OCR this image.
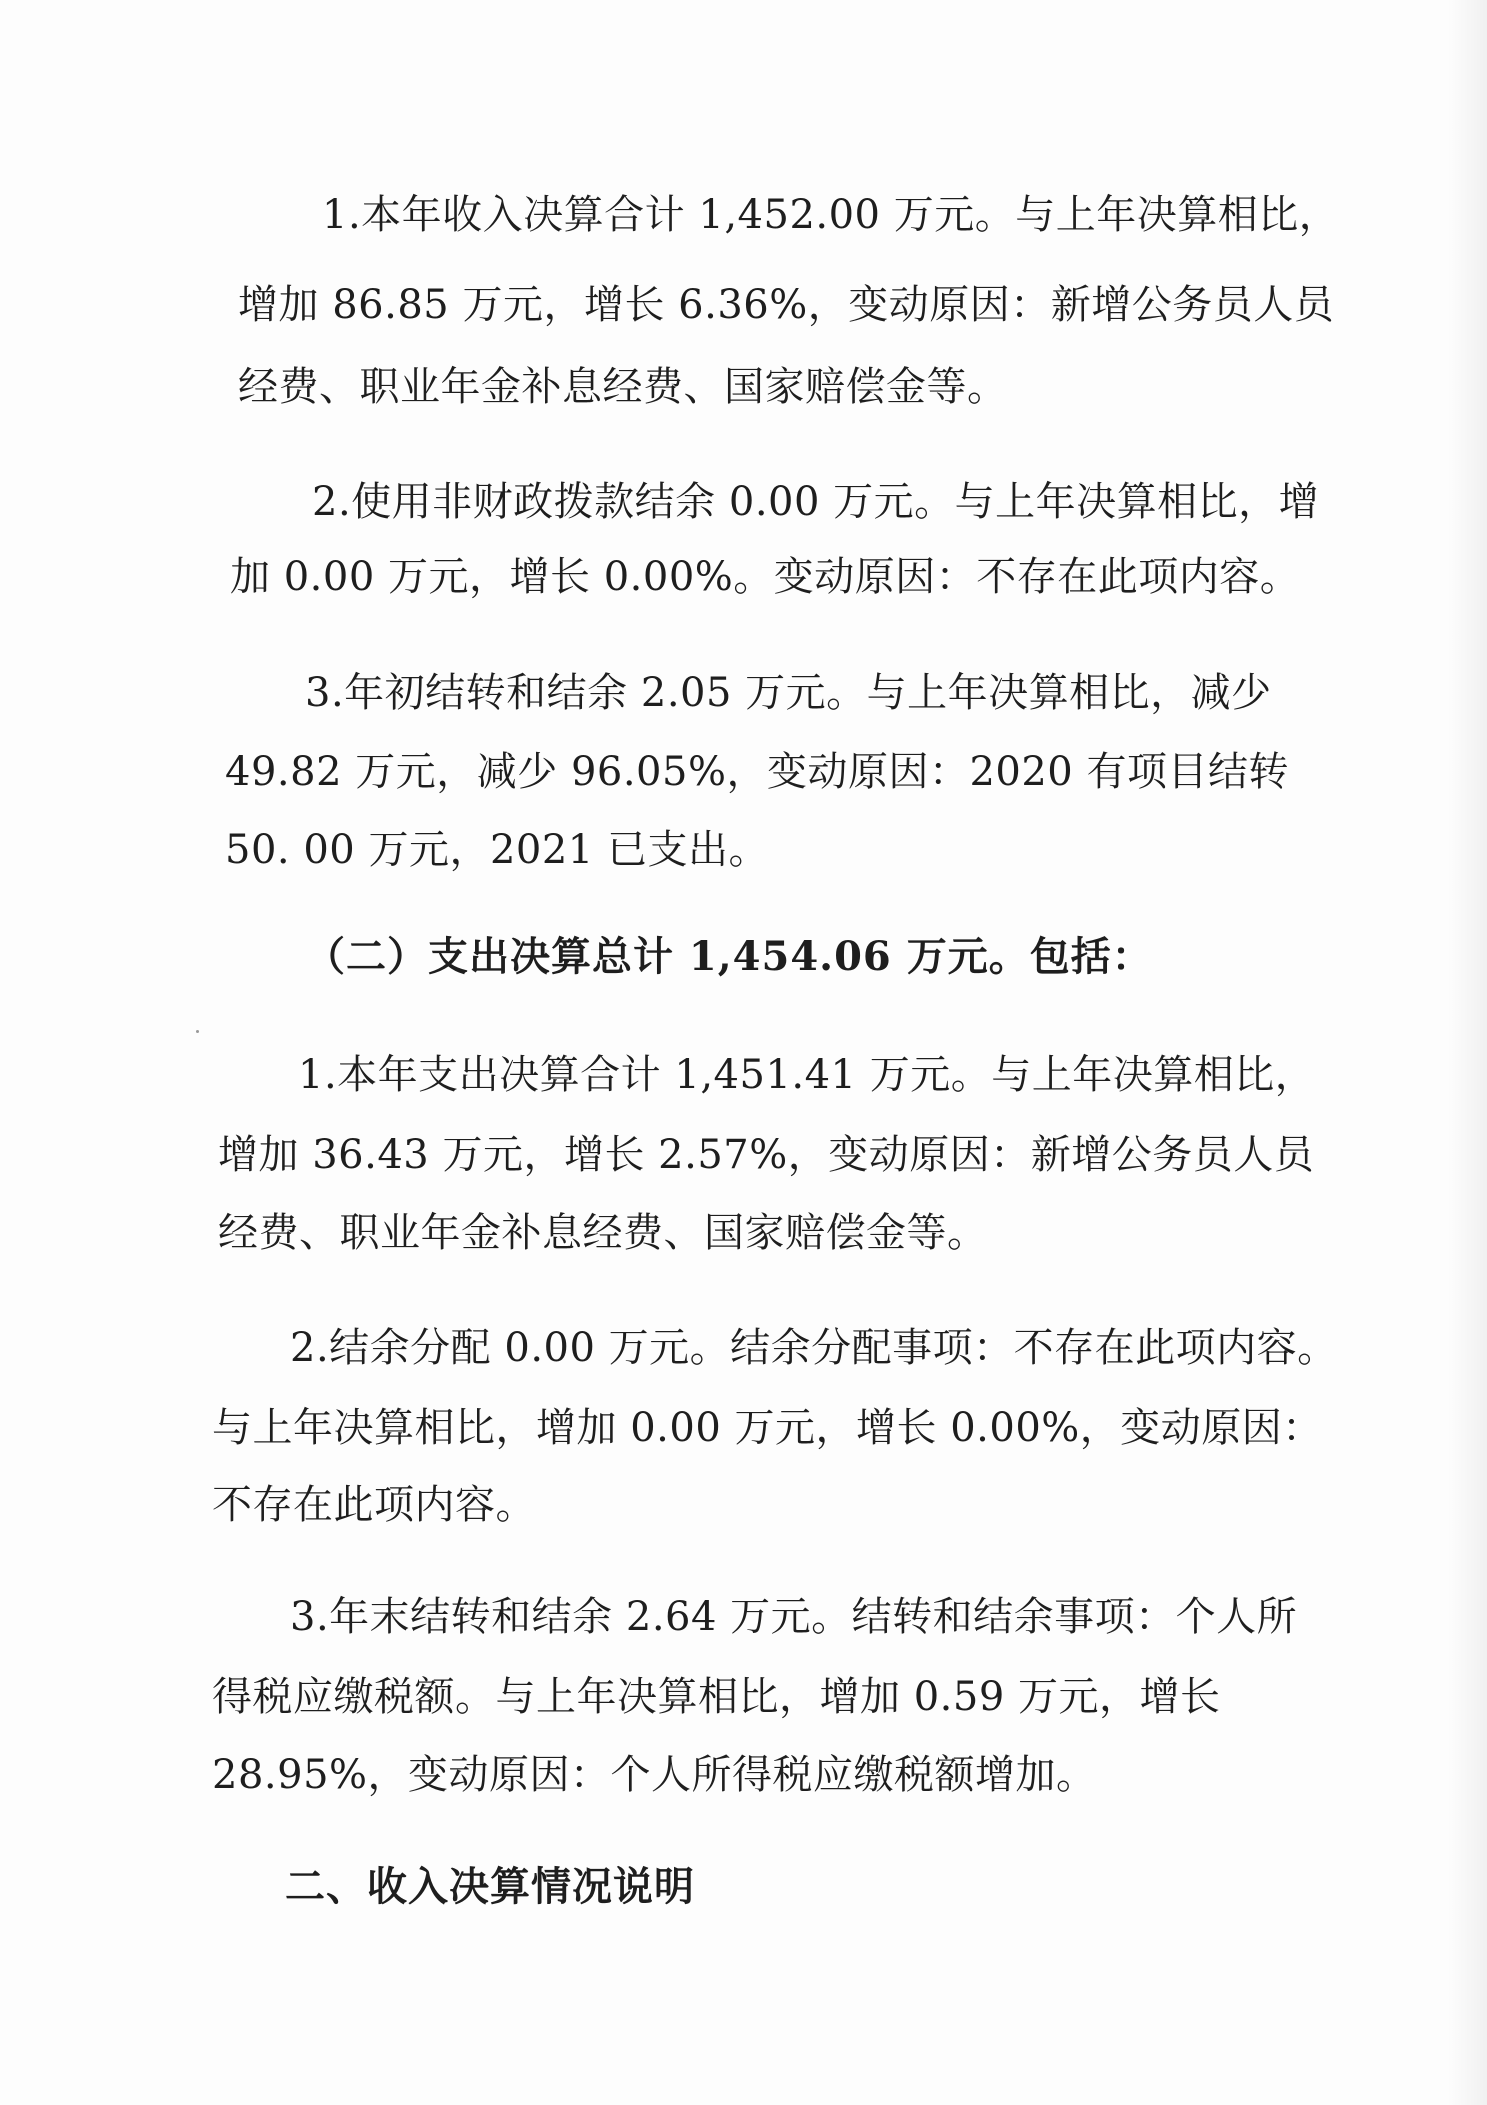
1.本年收入决算合计 1,452.00 万元。与上年决算相比，
增加 86.85 万元，增长 6.36%，变动原因：新增公务员人员
经费、职业年金补息经费、国家赔偿金等。
2.使用非财政拨款结余 0.00 万元。与上年决算相比，增
加 0.00 万元，增长 0.00%。变动原因：不存在此项内容。
3.年初结转和结余 2.05 万元。与上年决算相比，减少
49.82 万元，减少 96.05%，变动原因：2020 有项目结转
50. 00 万元，2021 已支出。
（二）支出决算总计 1,454.06 万元。包括：
1.本年支出决算合计 1,451.41 万元。与上年决算相比，
增加 36.43 万元，增长 2.57%，变动原因：新增公务员人员
经费、职业年金补息经费、国家赔偿金等。
2.结余分配 0.00 万元。结余分配事项：不存在此项内容。
与上年决算相比，增加 0.00 万元，增长 0.00%，变动原因：
不存在此项内容。
3.年末结转和结余 2.64 万元。结转和结余事项：个人所
得税应缴税额。与上年决算相比，增加 0.59 万元，增长
28.95%，变动原因：个人所得税应缴税额增加。
二、收入决算情况说明
